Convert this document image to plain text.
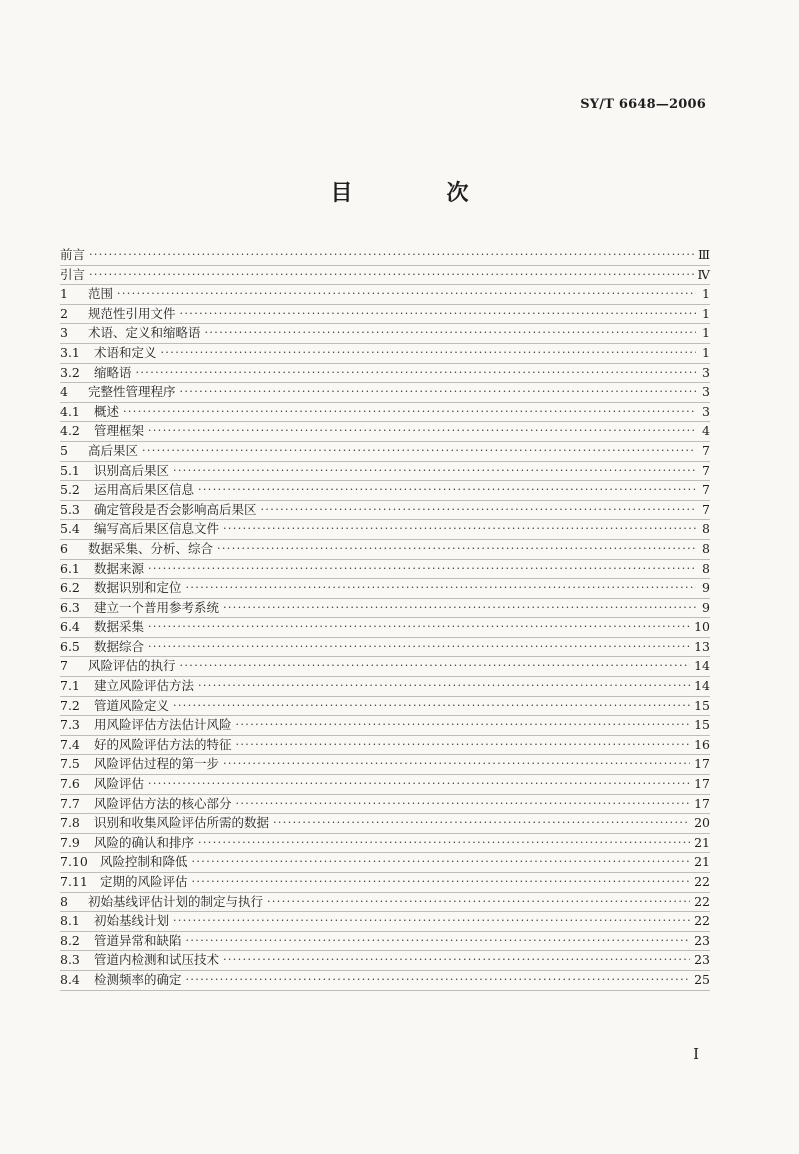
SY/T 6648—2006
目　次
前言 ·····	Ⅲ
引言 ·····	Ⅳ
1	范围 ·····	1
2	规范性引用文件 ·····	1
3	术语、定义和缩略语 ·····	1
3.1	术语和定义 ·····	1
3.2	缩略语 ·····	3
4	完整性管理程序 ·····	3
4.1	概述 ·····	3
4.2	管理框架 ·····	4
5	高后果区 ·····	7
5.1	识别高后果区 ·····	7
5.2	运用高后果区信息 ·····	7
5.3	确定管段是否会影响高后果区 ·····	7
5.4	编写高后果区信息文件 ·····	8
6	数据采集、分析、综合 ·····	8
6.1	数据来源 ·····	8
6.2	数据识别和定位 ·····	9
6.3	建立一个普用参考系统 ·····	9
6.4	数据采集 ·····	10
6.5	数据综合 ·····	13
7	风险评估的执行 ·····	14
7.1	建立风险评估方法 ·····	14
7.2	管道风险定义 ·····	15
7.3	用风险评估方法估计风险 ·····	15
7.4	好的风险评估方法的特征 ·····	16
7.5	风险评估过程的第一步 ·····	17
7.6	风险评估 ·····	17
7.7	风险评估方法的核心部分 ·····	17
7.8	识别和收集风险评估所需的数据 ·····	20
7.9	风险的确认和排序 ·····	21
7.10 风险控制和降低 ·····	21
7.11 定期的风险评估 ·····	22
8	初始基线评估计划的制定与执行 ·····	22
8.1	初始基线计划 ·····	22
8.2	管道异常和缺陷 ·····	23
8.3	管道内检测和试压技术 ·····	23
8.4	检测频率的确定 ·····	25
I
